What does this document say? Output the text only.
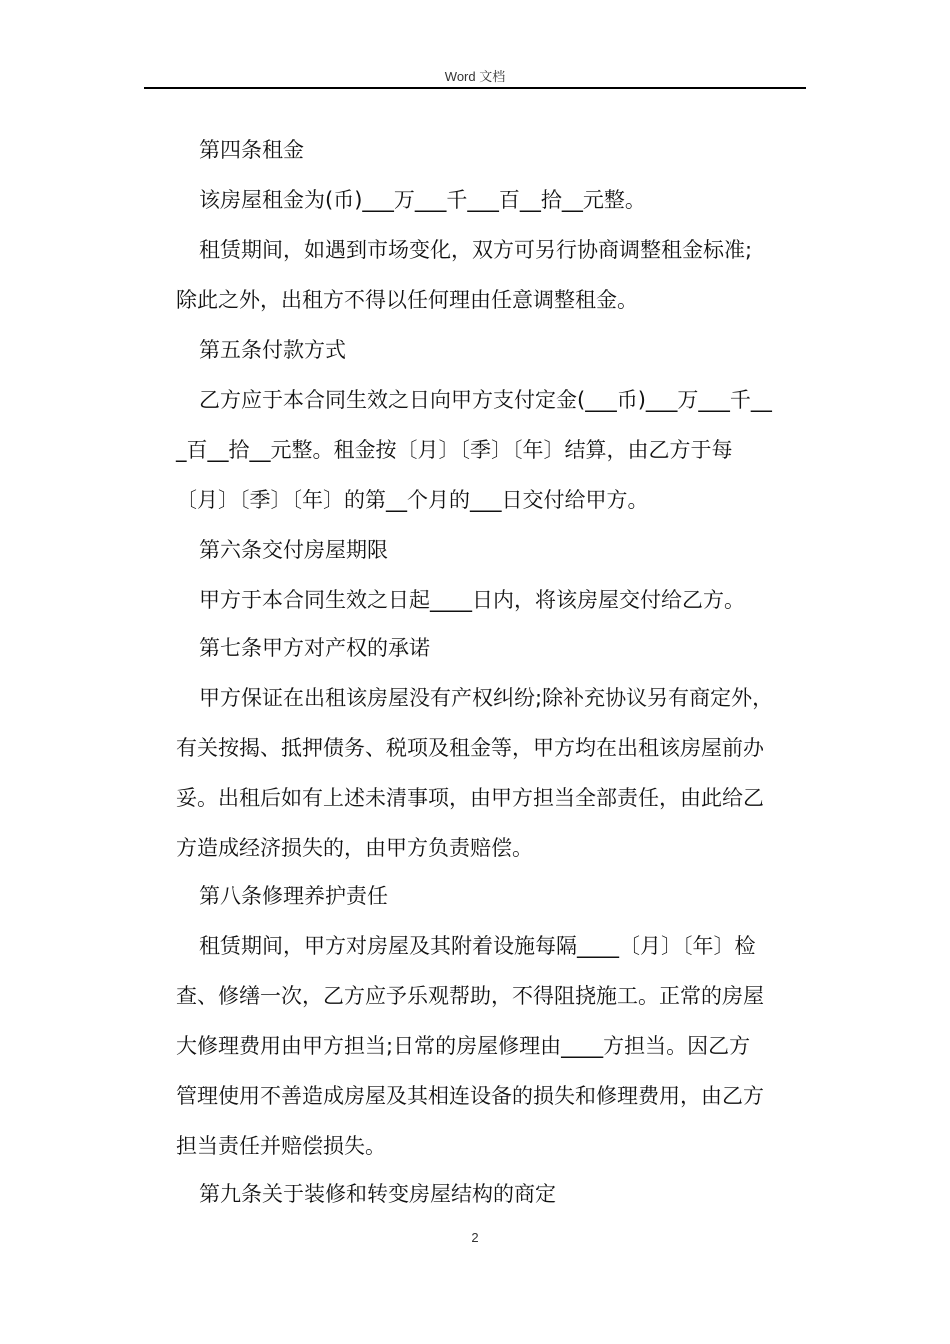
Word 文档
第四条租金
该房屋租金为(币)___万___千___百__拾__元整。
租赁期间，如遇到市场变化，双方可另行协商调整租金标准;
除此之外，出租方不得以任何理由任意调整租金。
第五条付款方式
乙方应于本合同生效之日向甲方支付定金(___币)___万___千__
_百__拾__元整。租金按〔月〕〔季〕〔年〕结算，由乙方于每
〔月〕〔季〕〔年〕的第__个月的___日交付给甲方。
第六条交付房屋期限
甲方于本合同生效之日起____日内，将该房屋交付给乙方。
第七条甲方对产权的承诺
甲方保证在出租该房屋没有产权纠纷;除补充协议另有商定外，
有关按揭、抵押债务、税项及租金等，甲方均在出租该房屋前办
妥。出租后如有上述未清事项，由甲方担当全部责任，由此给乙
方造成经济损失的，由甲方负责赔偿。
第八条修理养护责任
租赁期间，甲方对房屋及其附着设施每隔____〔月〕〔年〕检
查、修缮一次，乙方应予乐观帮助，不得阻挠施工。正常的房屋
大修理费用由甲方担当;日常的房屋修理由____方担当。因乙方
管理使用不善造成房屋及其相连设备的损失和修理费用，由乙方
担当责任并赔偿损失。
第九条关于装修和转变房屋结构的商定
2
